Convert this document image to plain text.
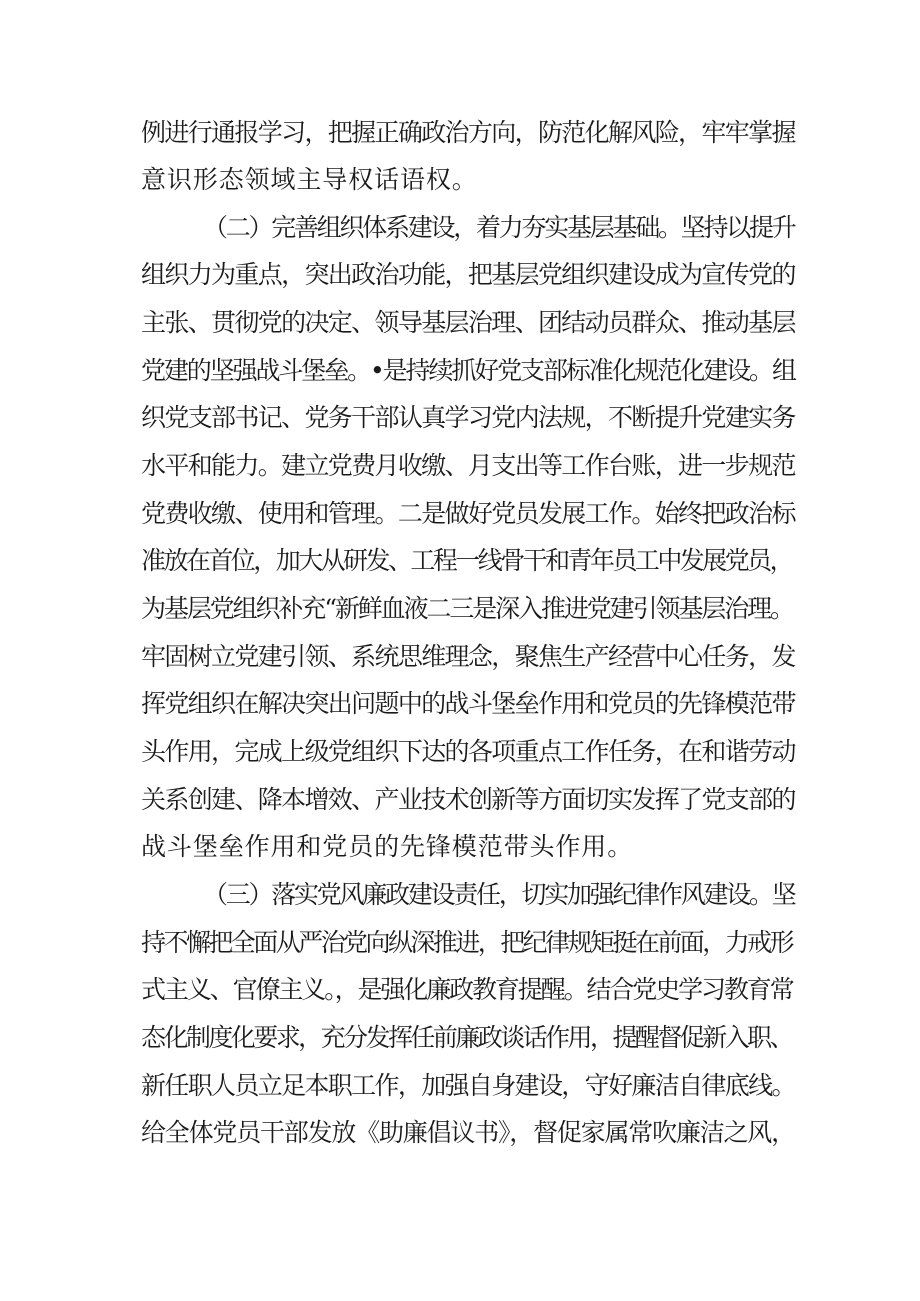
例进行通报学习，把握正确政治方向，防范化解风险，牢牢掌握
意识形态领域主导权话语权。
（二）完善组织体系建设，着力夯实基层基础。坚持以提升
组织力为重点，突出政治功能，把基层党组织建设成为宣传党的
主张、贯彻党的决定、领导基层治理、团结动员群众、推动基层
党建的坚强战斗堡垒。•是持续抓好党支部标准化规范化建设。组
织党支部书记、党务干部认真学习党内法规，不断提升党建实务
水平和能力。建立党费月收缴、月支出等工作台账，进一步规范
党费收缴、使用和管理。二是做好党员发展工作。始终把政治标
准放在首位，加大从研发、工程一线骨干和青年员工中发展党员，
为基层党组织补充“新鲜血液二三是深入推进党建引领基层治理。
牢固树立党建引领、系统思维理念，聚焦生产经营中心任务，发
挥党组织在解决突出问题中的战斗堡垒作用和党员的先锋模范带
头作用，完成上级党组织下达的各项重点工作任务，在和谐劳动
关系创建、降本增效、产业技术创新等方面切实发挥了党支部的
战斗堡垒作用和党员的先锋模范带头作用。
（三）落实党风廉政建设责任，切实加强纪律作风建设。坚
持不懈把全面从严治党向纵深推进，把纪律规矩挺在前面，力戒形
式主义、官僚主义。，是强化廉政教育提醒。结合党史学习教育常
态化制度化要求，充分发挥任前廉政谈话作用，提醒督促新入职、
新任职人员立足本职工作，加强自身建设，守好廉洁自律底线。
给全体党员干部发放《助廉倡议书》，督促家属常吹廉洁之风，
